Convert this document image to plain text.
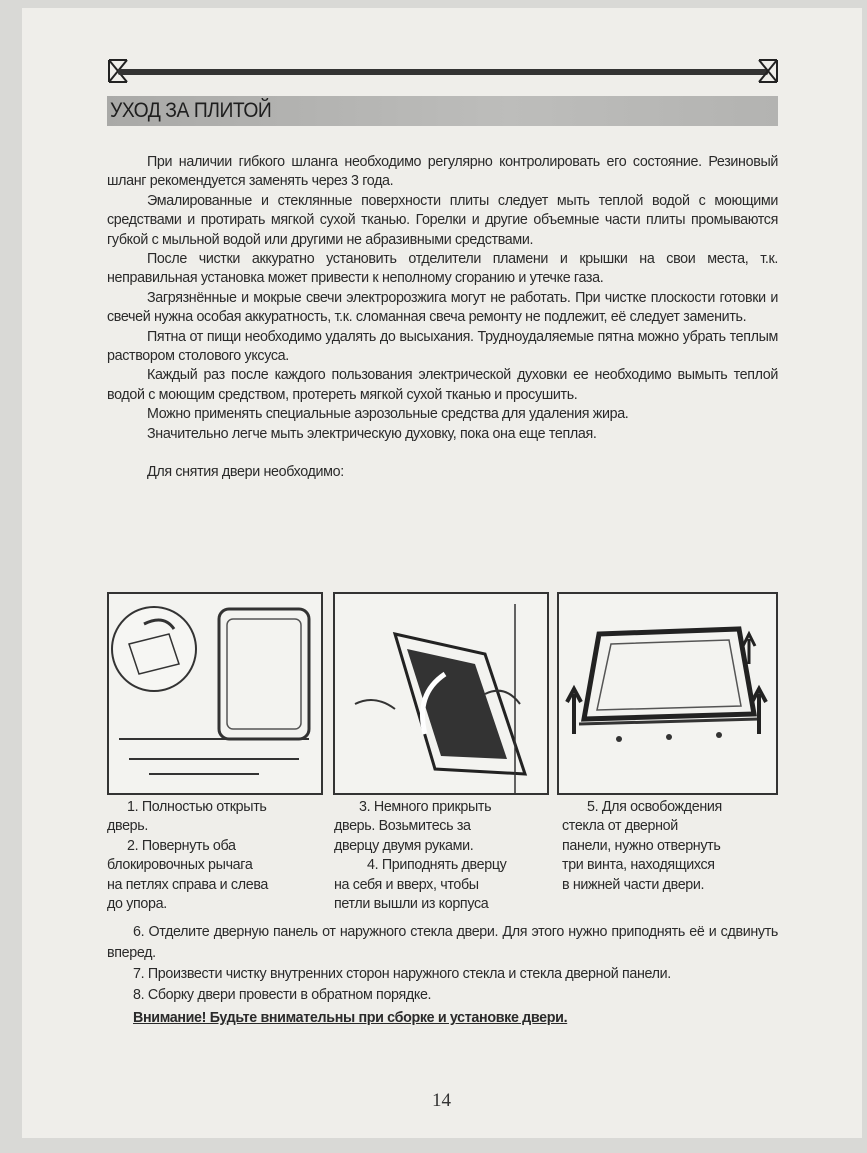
УХОД ЗА ПЛИТОЙ

При наличии гибкого шланга необходимо регулярно контролировать его состояние. Резиновый шланг рекомендуется заменять через 3 года.

Эмалированные и стеклянные поверхности плиты следует мыть теплой водой с моющими средствами и протирать мягкой сухой тканью. Горелки и другие объемные части плиты промываются губкой с мыльной водой или другими не абразивными средствами.

После чистки аккуратно установить отделители пламени и крышки на свои места, т.к. неправильная установка может привести к неполному сгоранию и утечке газа.

Загрязнённые и мокрые свечи электророзжига могут не работать. При чистке плоскости готовки и свечей нужна особая аккуратность, т.к. сломанная свеча ремонту не подлежит, её следует заменить.

Пятна от пищи необходимо удалять до высыхания. Трудноудаляемые пятна можно убрать теплым раствором столового уксуса.

Каждый раз после каждого пользования электрической духовки ее необходимо вымыть теплой водой с моющим средством, протереть мягкой сухой тканью и просушить.

Можно применять специальные аэрозольные средства для удаления жира.

Значительно легче мыть электрическую духовку, пока она еще теплая.

Для снятия двери необходимо:

1. Полностью открыть

дверь.

2. Повернуть оба

блокировочных рычага

на петлях справа и слева

до упора.

3. Немного прикрыть

дверь. Возьмитесь за

дверцу двумя руками.

4. Приподнять дверцу

на себя и вверх, чтобы

петли вышли из корпуса

5. Для освобождения

стекла от дверной

панели, нужно отвернуть

три винта, находящихся

в нижней части двери.

6. Отделите дверную панель от наружного стекла двери. Для этого нужно приподнять её и сдвинуть вперед.

7. Произвести чистку внутренних сторон наружного стекла и стекла дверной панели.

8. Сборку двери провести в обратном порядке.

Внимание! Будьте внимательны при сборке и установке двери.

14
